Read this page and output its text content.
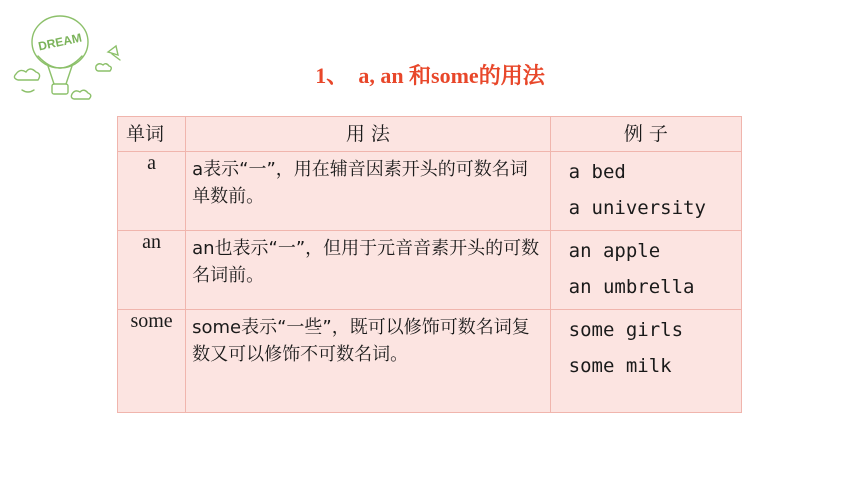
DREAM
1、 a, an 和some的用法
单词	用 法	例 子
a	a表示“一”，用在辅音因素开头的可数名词单数前。	a bed
a university

an	an也表示“一”，但用于元音音素开头的可数名词前。	an apple
an umbrella

some	some表示“一些”，既可以修饰可数名词复数又可以修饰不可数名词。	some girls
some milk
